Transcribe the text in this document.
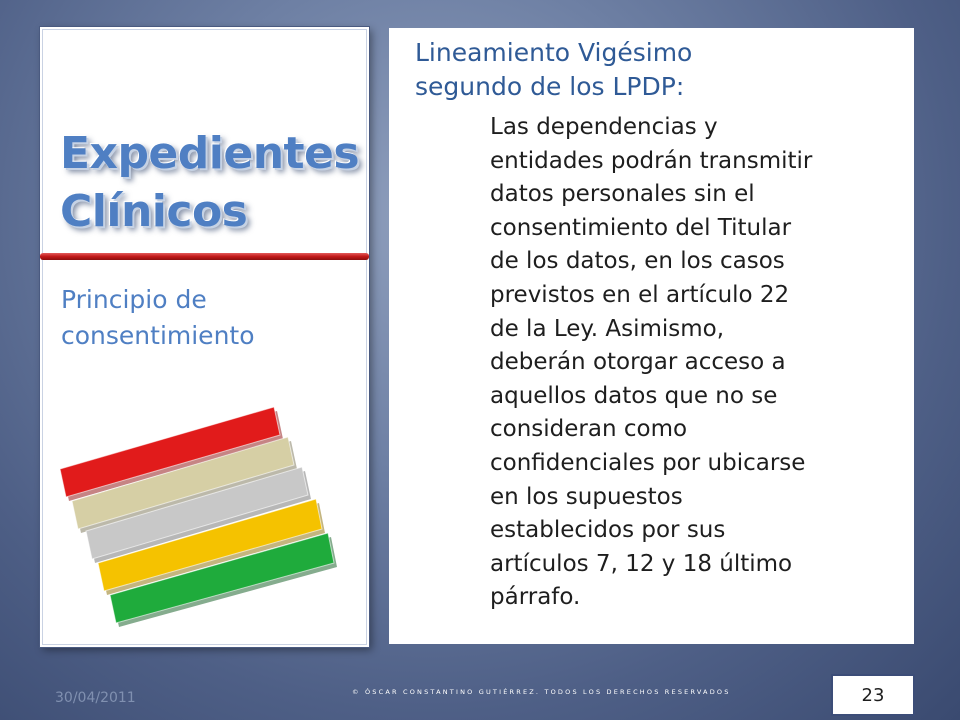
Expedientes
Clínicos

Principio de
consentimiento

Lineamiento Vigésimo
segundo de los LPDP:

Las dependencias y
entidades podrán transmitir
datos personales sin el
consentimiento del Titular
de los datos, en los casos
previstos en el artículo 22
de la Ley. Asimismo,
deberán otorgar acceso a
aquellos datos que no se
consideran como
confidenciales por ubicarse
en los supuestos
establecidos por sus
artículos 7, 12 y 18 último
párrafo.

30/04/2011	© ÓSCAR CONSTANTINO GUTIÉRREZ. TODOS LOS DERECHOS RESERVADOS	23
